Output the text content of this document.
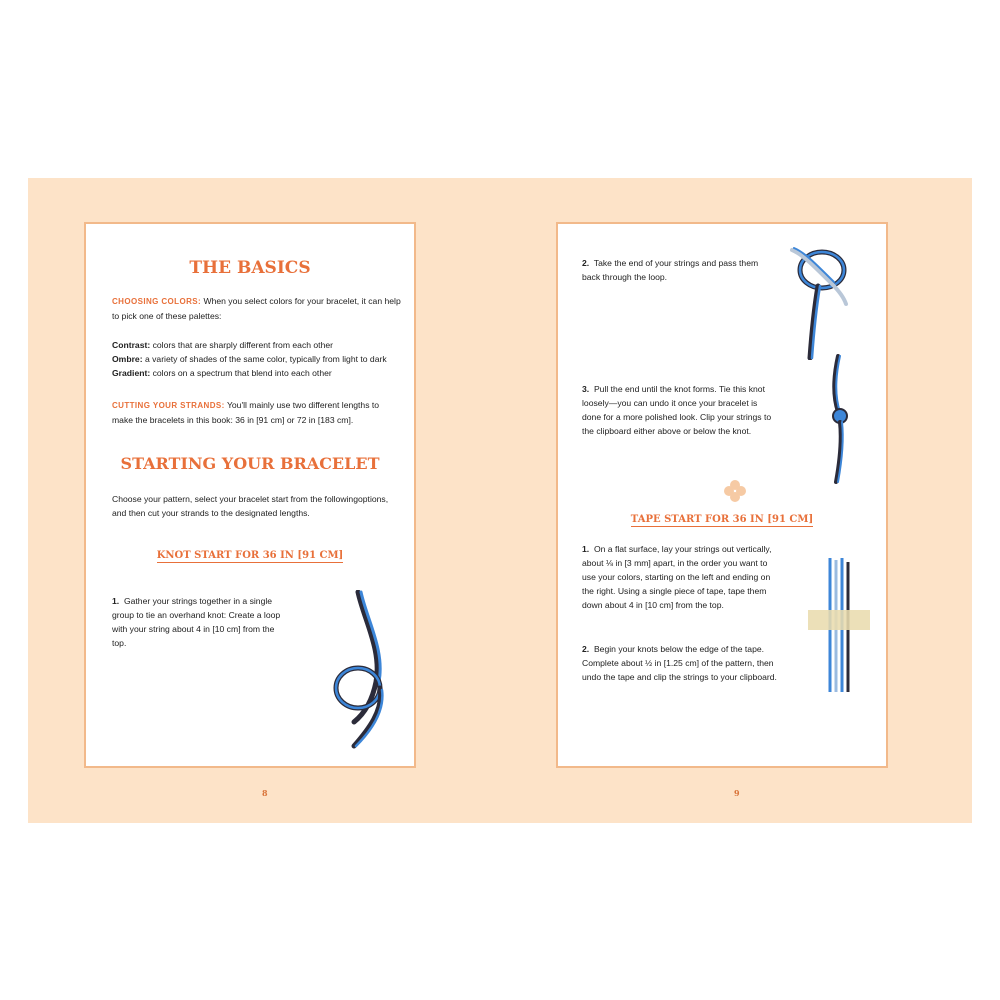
THE BASICS
CHOOSING COLORS: When you select colors for your bracelet, it can help to pick one of these palettes:
Contrast: colors that are sharply different from each other
Ombre: a variety of shades of the same color, typically from light to dark
Gradient: colors on a spectrum that blend into each other
CUTTING YOUR STRANDS: You'll mainly use two different lengths to make the bracelets in this book: 36 in [91 cm] or 72 in [183 cm].
STARTING YOUR BRACELET
Choose your pattern, select your bracelet start from the followingoptions, and then cut your strands to the designated lengths.
KNOT START FOR 36 IN [91 CM]
1. Gather your strings together in a single group to tie an overhand knot: Create a loop with your string about 4 in [10 cm] from the top.
2. Take the end of your strings and pass them back through the loop.
3. Pull the end until the knot forms. Tie this knot loosely—you can undo it once your bracelet is done for a more polished look. Clip your strings to the clipboard either above or below the knot.
TAPE START FOR 36 IN [91 CM]
1. On a flat surface, lay your strings out vertically, about ⅛ in [3 mm] apart, in the order you want to use your colors, starting on the left and ending on the right. Using a single piece of tape, tape them down about 4 in [10 cm] from the top.
2. Begin your knots below the edge of the tape. Complete about ½ in [1.25 cm] of the pattern, then undo the tape and clip the strings to your clipboard.
8	9
